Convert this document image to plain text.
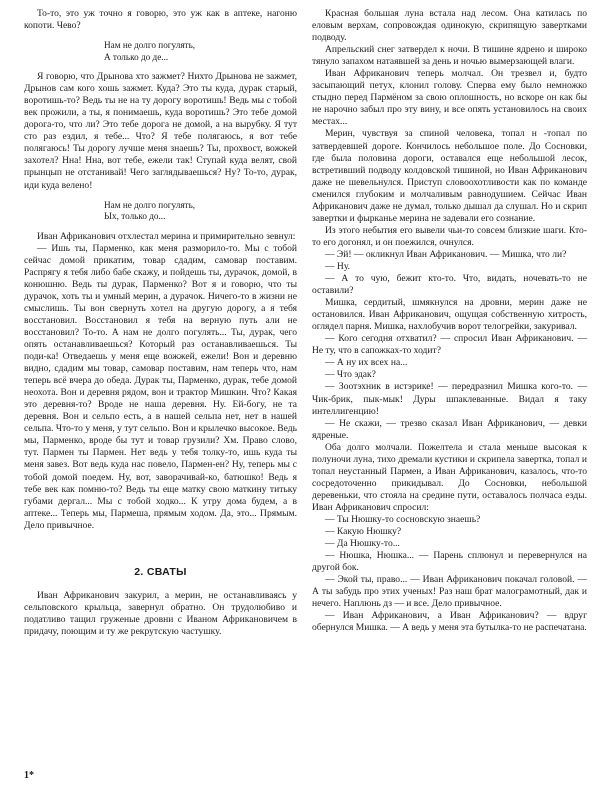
То-то, это уж точно я говорю, это уж как в аптеке, нагоню копоти. Чево?

Нам не долго погулять,
А только до де...

Я говорю, что Дрынова хто зажмет? Нихто Дрынова не зажмет, Дрынов сам кого хошь зажмет. Куда? Это ты куда, дурак старый, воротишь-то? Ведь ты не на ту дорогу воротишь! Ведь мы с тобой век прожили, а ты, я понимаешь, куда воротишь? Это тебе домой дорога-то, что ли? Это тебе дорога не домой, а на вырубку. Я тут сто раз ездил, я тебе... Что? Я тебе полягаюсь, я вот тебе полягаюсь! Ты дорогу лучше меня знаешь? Ты, прохвост, вожжей захотел? Нна! Нна, вот тебе, ежели так! Ступай куда велят, свой прынцып не отстанивай! Чего заглядываешься? Ну? То-то, дурак, иди куда велено!

Нам не долго погулять,
Ых, только до...

Иван Африканович отхлестал мерина и примирительно зевнул:

— Ишь ты, Парменко, как меня разморило-то. Мы с тобой сейчас домой прикатим, товар сдадим, самовар поставим. Распрягу я тебя либо бабе скажу, и пойдешь ты, дурачок, домой, в конюшню. Ведь ты дурак, Парменко? Вот я и говорю, что ты дурачок, хоть ты и умный мерин, а дурачок. Ничего-то в жизни не смыслишь. Ты вон свернуть хотел на другую дорогу, а я тебя восстановил. Восстановил я тебя на верную путь али не восстановил? То-то. А нам не долго погулять... Ты, дурак, чего опять останавливаешься? Который раз останавливаешься. Ты поди-ка! Отведаешь у меня еще вожжей, ежели! Вон и деревню видно, сдадим мы товар, самовар поставим, нам теперь что, нам теперь всё вчера до обеда. Дурак ты, Парменко, дурак, тебе домой неохота. Вон и деревня рядом, вон и трактор Мишкин. Что? Какая это деревня-то? Вроде не наша деревня. Ну. Ей-богу, не та деревня. Вон и сельпо есть, а в нашей сельпа нет, нет в нашей сельпа. Что-то у меня, у тут сельпо. Вон и крылечко высокое. Ведь мы, Парменко, вроде бы тут и товар грузили? Хм. Право слово, тут. Пармен ты Пармен. Нет ведь у тебя толку-то, ишь куда ты меня завез. Вот ведь куда нас повело, Пармен-ен? Ну, теперь мы с тобой домой поедем. Ну, вот, заворачивай-ко, батюшко! Ведь я тебе век как помню-то? Ведь ты еще матку свою маткину титьку губами дергал... Мы с тобой ходко... К утру дома будем, а в аптеке... Теперь мы, Пармеша, прямым ходом. Да, это... Прямым. Дело привычное.

2. СВАТЫ

Иван Африканович закурил, а мерин, не останавливаясь у сельповского крыльца, завернул обратно. Он трудолюбиво и податливо тащил груженые дровни с Иваном Африкановичем в придачу, поющим и ту же рекрутскую частушку.

Красная большая луна встала над лесом. Она катилась по еловым верхам, сопровождая одинокую, скрипящую завертками подводу.

Апрельский снег затвердел к ночи. В тишине ядрено и широко тянуло запахом натаявшей за день и ночью вымерзающей влаги.

Иван Африканович теперь молчал. Он трезвел и, будто засыпающий петух, клонил голову. Сперва ему было немножко стыдно перед Пармёном за свою оплошность, но вскоре он как бы не нарочно забыл про эту вину, и все опять установилось на своих местах...

Мерин, чувствуя за спиной человека, топал н -топал по затвердевшей дороге. Кончилось небольшое поле. До Сосновки, где была половина дороги, оставался еще небольшой лесок, встретивший подводу колдовской тишиной, но Иван Африканович даже не шевельнулся. Приступ словоохотливости как по команде сменился глубоким и молчаливым равнодушием. Сейчас Иван Африканович даже не думал, только дышал да слушал. Но и скрип завертки и фырканье мерина не задевали его сознание.

Из этого небытия его вывели чьи-то совсем близкие шаги. Кто-то его догонял, и он поежился, очнулся.

— Эй! — окликнул Иван Африканович. — Мишка, что ли?

— Ну.

— А то чую, бежит кто-то. Что, видать, ночевать-то не оставили?

Мишка, сердитый, шмякнулся на дровни, мерин даже не остановился. Иван Африканович, ощущая собственную хитрость, оглядел парня. Мишка, нахлобучив ворот телогрейки, закуривал.

— Кого сегодня отхватил? — спросил Иван Африканович. — Не ту, что в сапожках-то ходит?

— А ну их всех на...

— Что эдак?

— Зоотэхник в истэрике! — передразнил Мишка кого-то. — Чик-брик, пык-мык! Дуры шпаклеванные. Видал я таку интеллигенцию!

— Не скажи, — трезво сказал Иван Африканович, — девки ядреные.

Оба долго молчали. Пожелтела и стала меньше высокая к полуночи луна, тихо дремали кустики и скрипела завертка, топал и топал неустанный Пармен, а Иван Африканович, казалось, что-то сосредоточенно прикидывал. До Сосновки, небольшой деревеньки, что стояла на средине пути, оставалось полчаса езды. Иван Африканович спросил:

— Ты Нюшку-то сосновскую знаешь?

— Какую Нюшку?

— Да Нюшку-то...

— Нюшка, Нюшка... — Парень сплюнул и перевернулся на другой бок.

— Экой ты, право... — Иван Африканович покачал головой. — А ты забудь про этих ученых! Раз наш брат малограмотный, дак и нечего. Наплюнь дз — и все. Дело привычное.

— Иван Африканович, а Иван Африканович? — вдруг обернулся Мишка. — А ведь у меня эта бутылка-то не распечатана.

1*
